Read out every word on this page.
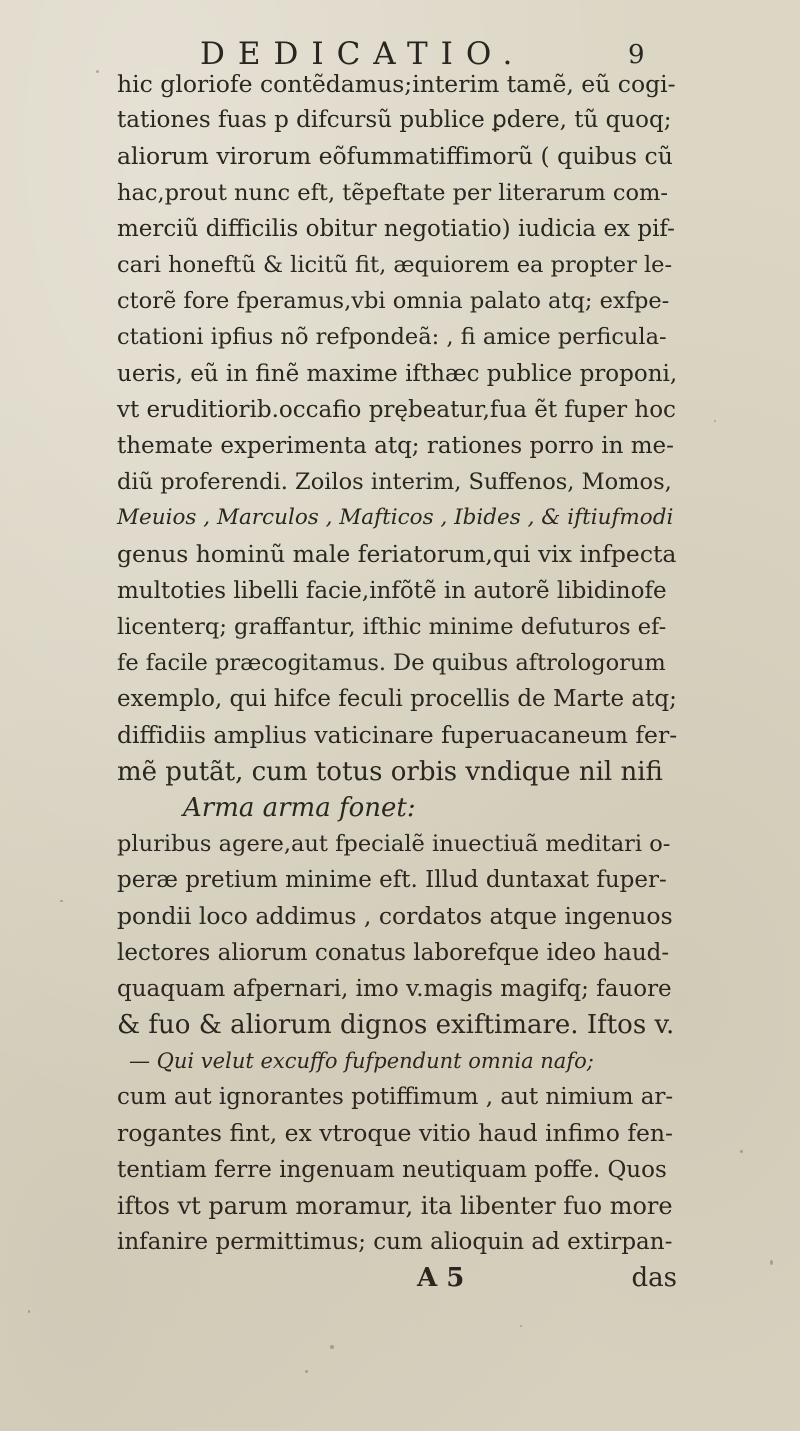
DEDICATIO.	9
hic gloriofe contẽdamus;interim tamẽ, eũ cogi-
tationes fuas p difcursũ publice ꝑdere, tũ quoq;
aliorum virorum eõfummatiffimorũ ( quibus cũ
hac,prout nunc eft, tẽpeftate per literarum com-
merciũ difficilis obitur negotiatio) iudicia ex pif-
cari honeftũ & licitũ fit, æquiorem ea propter le-
ctorẽ fore fperamus,vbi omnia palato atq; exfpe-
ctationi ipfius nõ refpondeã: , fi amice perficula-
ueris, eũ in finẽ maxime ifthæc publice proponi,
vt eruditiorib.occafio prębeatur,fua ẽt fuper hoc
themate experimenta atq; rationes porro in me-
diũ proferendi. Zoilos interim, Suffenos, Momos,
Meuios , Marculos , Mafticos , Ibides , & iftiufmodi
genus hominũ male feriatorum,qui vix infpecta
multoties libelli facie,infõtẽ in autorẽ libidinofe
licenterq; graffantur, ifthic minime defuturos ef-
fe facile præcogitamus. De quibus aftrologorum
exemplo, qui hifce feculi procellis de Marte atq;
diffidiis amplius vaticinare fuperuacaneum fer-
mẽ putãt, cum totus orbis vndique nil nifi
Arma arma fonet:
pluribus agere,aut fpecialẽ inuectiuã meditari o-
peræ pretium minime eft. Illud duntaxat fuper-
pondii loco addimus , cordatos atque ingenuos
lectores aliorum conatus laborefque ideo haud-
quaquam afpernari, imo v.magis magifq; fauore
& fuo & aliorum dignos exiftimare. Iftos v.
— Qui velut excuffo fufpendunt omnia nafo;
cum aut ignorantes potiffimum , aut nimium ar-
rogantes fint, ex vtroque vitio haud infimo fen-
tentiam ferre ingenuam neutiquam poffe. Quos
iftos vt parum moramur, ita libenter fuo more
infanire permittimus; cum alioquin ad extirpan-
A 5	das
